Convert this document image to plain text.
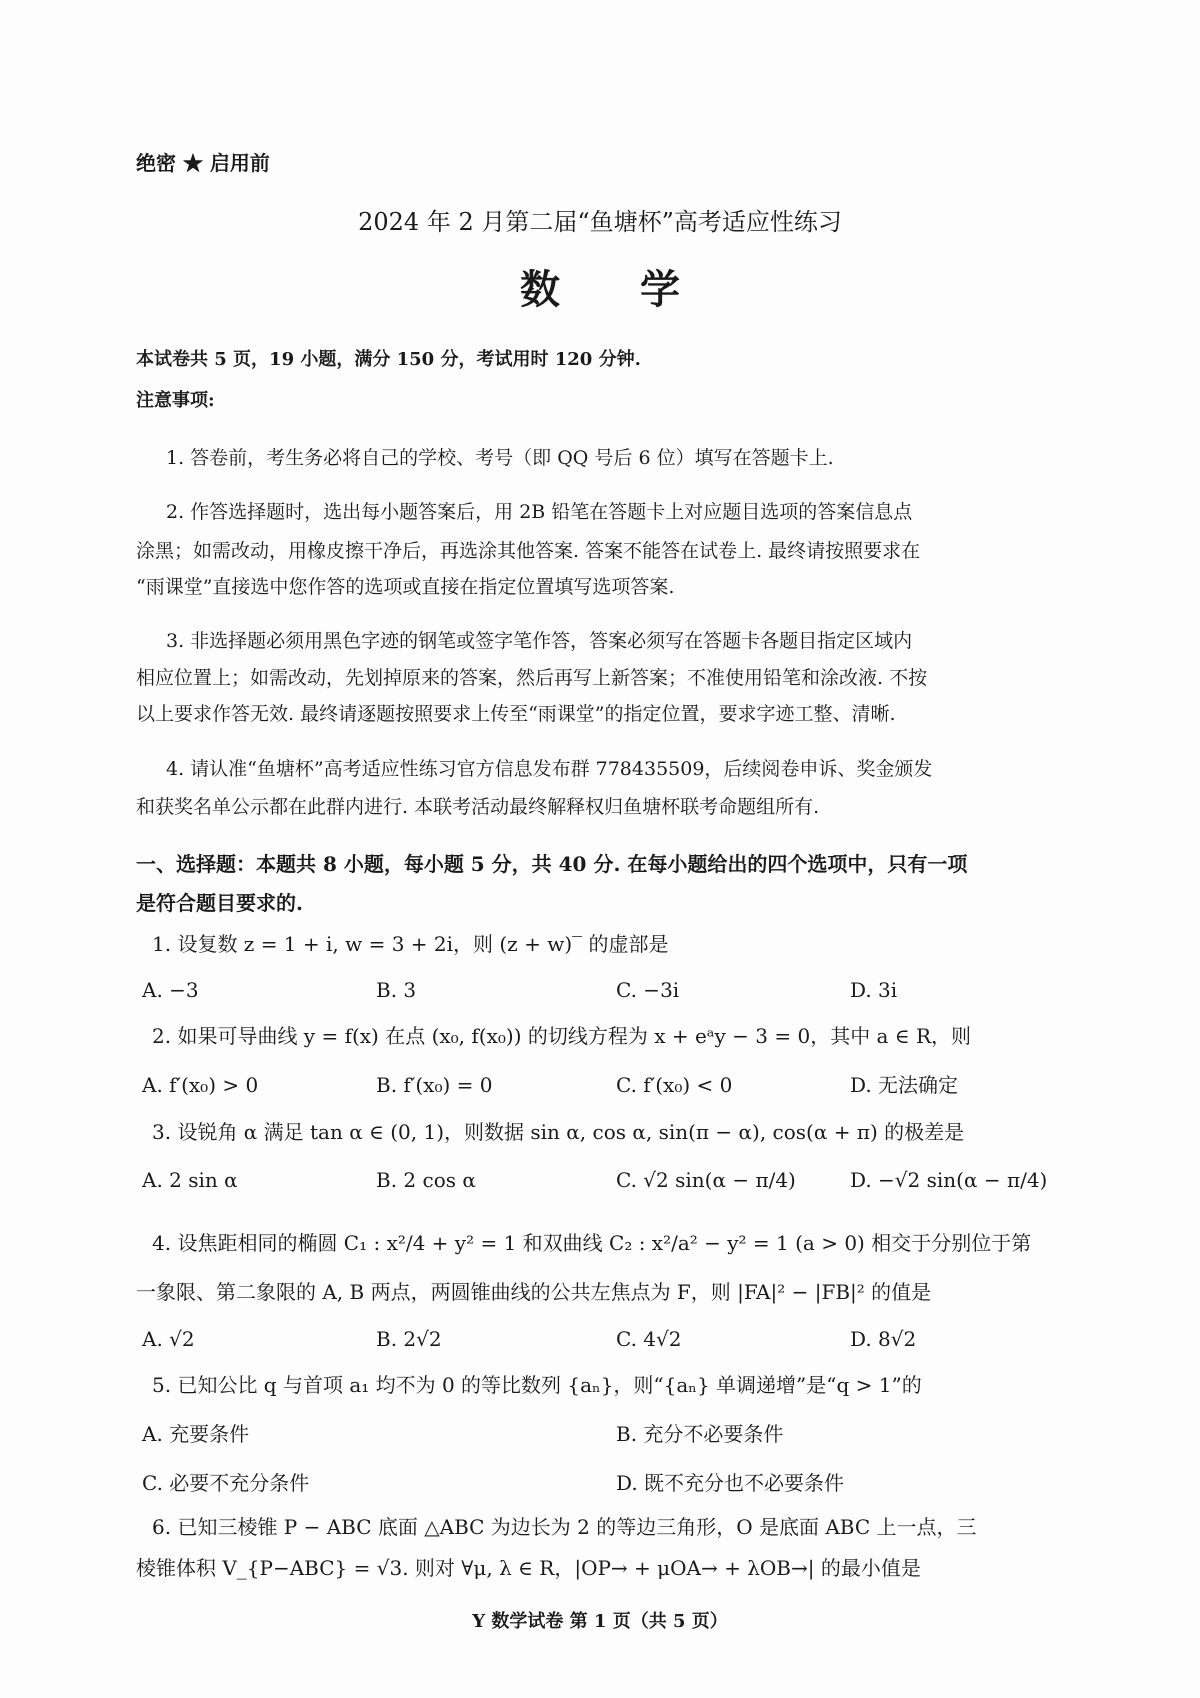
绝密 ★ 启用前
2024 年 2 月第二届“鱼塘杯”高考适应性练习
数　　学
本试卷共 5 页，19 小题，满分 150 分，考试用时 120 分钟.
注意事项:
1. 答卷前，考生务必将自己的学校、考号（即 QQ 号后 6 位）填写在答题卡上.
2. 作答选择题时，选出每小题答案后，用 2B 铅笔在答题卡上对应题目选项的答案信息点
涂黑；如需改动，用橡皮擦干净后，再选涂其他答案. 答案不能答在试卷上. 最终请按照要求在
“雨课堂”直接选中您作答的选项或直接在指定位置填写选项答案.
3. 非选择题必须用黑色字迹的钢笔或签字笔作答，答案必须写在答题卡各题目指定区域内
相应位置上；如需改动，先划掉原来的答案，然后再写上新答案；不准使用铅笔和涂改液. 不按
以上要求作答无效. 最终请逐题按照要求上传至“雨课堂”的指定位置，要求字迹工整、清晰.
4. 请认准“鱼塘杯”高考适应性练习官方信息发布群 778435509，后续阅卷申诉、奖金颁发
和获奖名单公示都在此群内进行. 本联考活动最终解释权归鱼塘杯联考命题组所有.
一、选择题：本题共 8 小题，每小题 5 分，共 40 分. 在每小题给出的四个选项中，只有一项
是符合题目要求的.
1. 设复数 z = 1 + i, w = 3 + 2i，则 (z + w)‾ 的虚部是
A. −3	B. 3	C. −3i	D. 3i
2. 如果可导曲线 y = f(x) 在点 (x₀, f(x₀)) 的切线方程为 x + eᵃy − 3 = 0，其中 a ∈ R，则
A. f′(x₀) > 0	B. f′(x₀) = 0	C. f′(x₀) < 0	D. 无法确定
3. 设锐角 α 满足 tan α ∈ (0, 1)，则数据 sin α, cos α, sin(π − α), cos(α + π) 的极差是
A. 2 sin α	B. 2 cos α	C. √2 sin(α − π/4)	D. −√2 sin(α − π/4)
4. 设焦距相同的椭圆 C₁ : x²/4 + y² = 1 和双曲线 C₂ : x²/a² − y² = 1 (a > 0) 相交于分别位于第
一象限、第二象限的 A, B 两点，两圆锥曲线的公共左焦点为 F，则 |FA|² − |FB|² 的值是
A. √2	B. 2√2	C. 4√2	D. 8√2
5. 已知公比 q 与首项 a₁ 均不为 0 的等比数列 {aₙ}，则“{aₙ} 单调递增”是“q > 1”的
A. 充要条件	B. 充分不必要条件
C. 必要不充分条件	D. 既不充分也不必要条件
6. 已知三棱锥 P − ABC 底面 △ABC 为边长为 2 的等边三角形，O 是底面 ABC 上一点，三
棱锥体积 V_{P−ABC} = √3. 则对 ∀μ, λ ∈ R，|OP→ + μOA→ + λOB→| 的最小值是
Y 数学试卷 第 1 页（共 5 页）
